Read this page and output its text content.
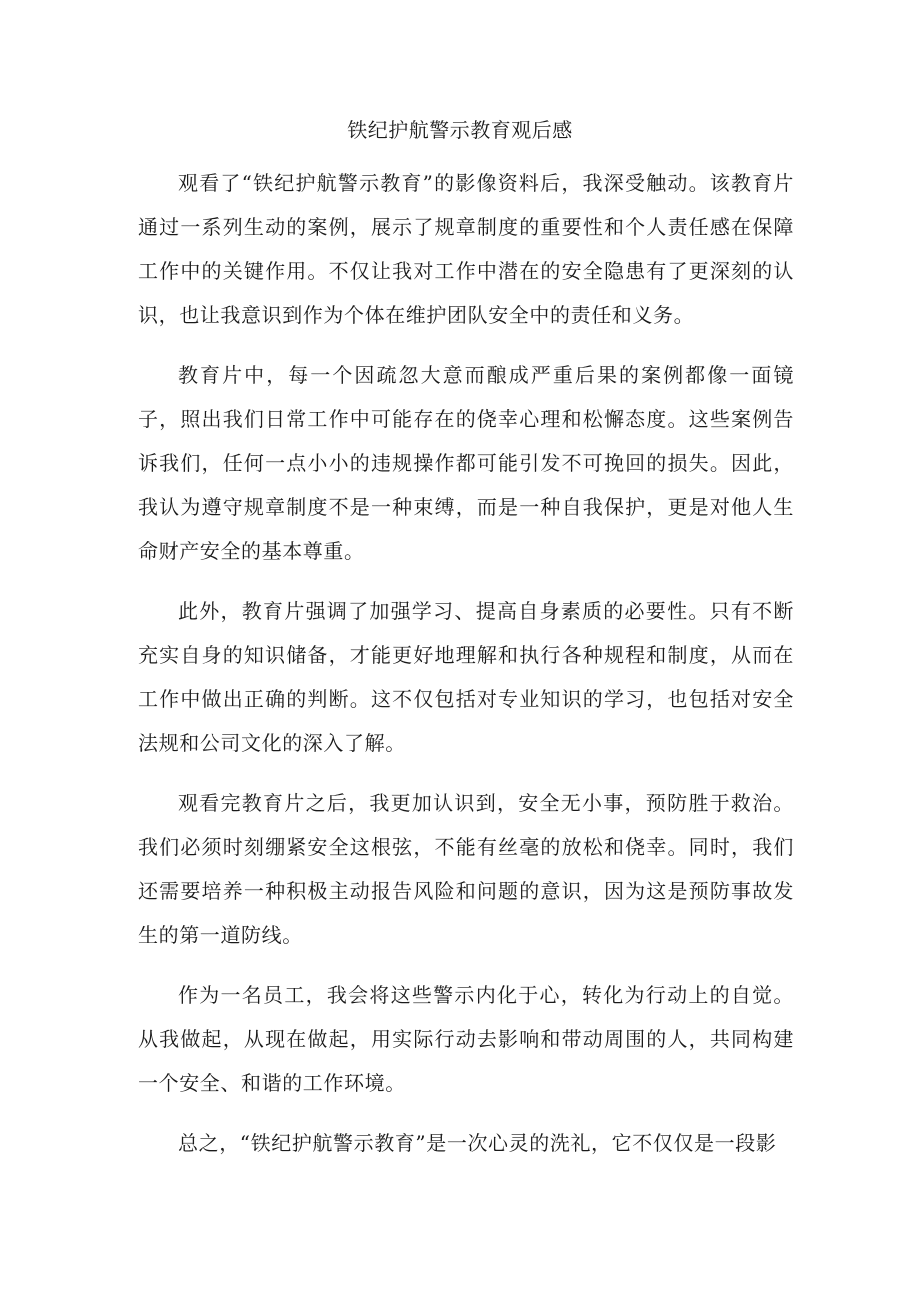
铁纪护航警示教育观后感

观看了“铁纪护航警示教育”的影像资料后，我深受触动。该教育片通过一系列生动的案例，展示了规章制度的重要性和个人责任感在保障工作中的关键作用。不仅让我对工作中潜在的安全隐患有了更深刻的认识，也让我意识到作为个体在维护团队安全中的责任和义务。

教育片中，每一个因疏忽大意而酿成严重后果的案例都像一面镜子，照出我们日常工作中可能存在的侥幸心理和松懈态度。这些案例告诉我们，任何一点小小的违规操作都可能引发不可挽回的损失。因此，我认为遵守规章制度不是一种束缚，而是一种自我保护，更是对他人生命财产安全的基本尊重。

此外，教育片强调了加强学习、提高自身素质的必要性。只有不断充实自身的知识储备，才能更好地理解和执行各种规程和制度，从而在工作中做出正确的判断。这不仅包括对专业知识的学习，也包括对安全法规和公司文化的深入了解。

观看完教育片之后，我更加认识到，安全无小事，预防胜于救治。我们必须时刻绷紧安全这根弦，不能有丝毫的放松和侥幸。同时，我们还需要培养一种积极主动报告风险和问题的意识，因为这是预防事故发生的第一道防线。

作为一名员工，我会将这些警示内化于心，转化为行动上的自觉。从我做起，从现在做起，用实际行动去影响和带动周围的人，共同构建一个安全、和谐的工作环境。

总之，“铁纪护航警示教育”是一次心灵的洗礼，它不仅仅是一段影
